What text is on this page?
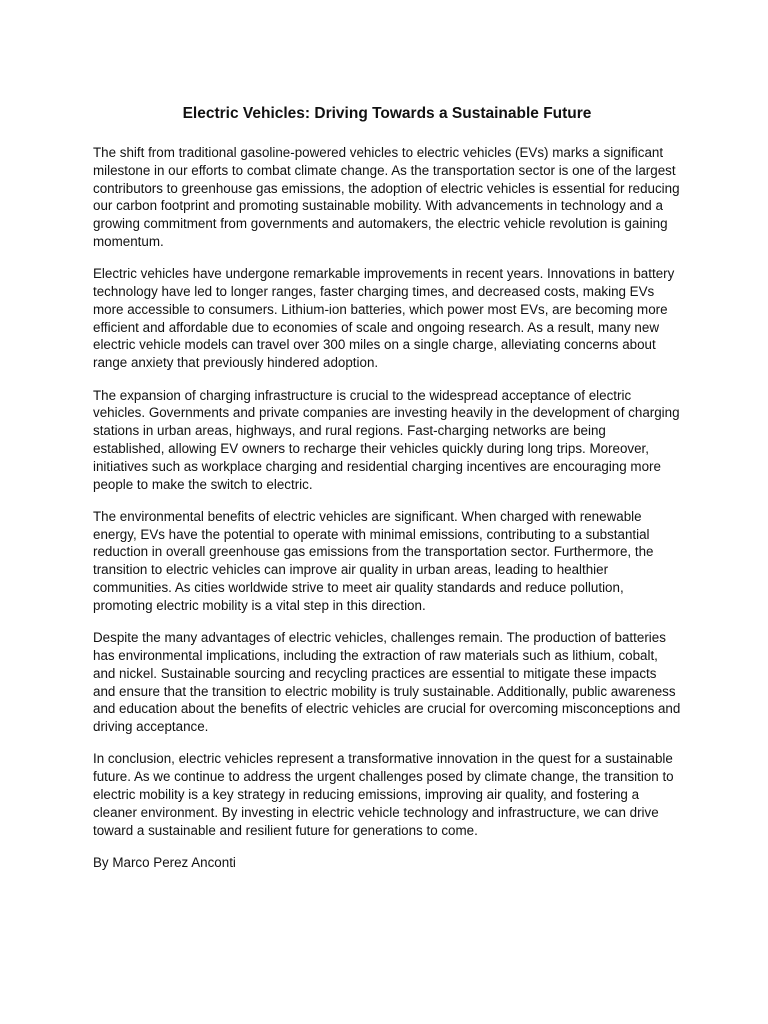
Electric Vehicles: Driving Towards a Sustainable Future

The shift from traditional gasoline-powered vehicles to electric vehicles (EVs) marks a significant milestone in our efforts to combat climate change. As the transportation sector is one of the largest contributors to greenhouse gas emissions, the adoption of electric vehicles is essential for reducing our carbon footprint and promoting sustainable mobility. With advancements in technology and a growing commitment from governments and automakers, the electric vehicle revolution is gaining momentum.

Electric vehicles have undergone remarkable improvements in recent years. Innovations in battery technology have led to longer ranges, faster charging times, and decreased costs, making EVs more accessible to consumers. Lithium-ion batteries, which power most EVs, are becoming more efficient and affordable due to economies of scale and ongoing research. As a result, many new electric vehicle models can travel over 300 miles on a single charge, alleviating concerns about range anxiety that previously hindered adoption.

The expansion of charging infrastructure is crucial to the widespread acceptance of electric vehicles. Governments and private companies are investing heavily in the development of charging stations in urban areas, highways, and rural regions. Fast-charging networks are being established, allowing EV owners to recharge their vehicles quickly during long trips. Moreover, initiatives such as workplace charging and residential charging incentives are encouraging more people to make the switch to electric.

The environmental benefits of electric vehicles are significant. When charged with renewable energy, EVs have the potential to operate with minimal emissions, contributing to a substantial reduction in overall greenhouse gas emissions from the transportation sector. Furthermore, the transition to electric vehicles can improve air quality in urban areas, leading to healthier communities. As cities worldwide strive to meet air quality standards and reduce pollution, promoting electric mobility is a vital step in this direction.

Despite the many advantages of electric vehicles, challenges remain. The production of batteries has environmental implications, including the extraction of raw materials such as lithium, cobalt, and nickel. Sustainable sourcing and recycling practices are essential to mitigate these impacts and ensure that the transition to electric mobility is truly sustainable. Additionally, public awareness and education about the benefits of electric vehicles are crucial for overcoming misconceptions and driving acceptance.

In conclusion, electric vehicles represent a transformative innovation in the quest for a sustainable future. As we continue to address the urgent challenges posed by climate change, the transition to electric mobility is a key strategy in reducing emissions, improving air quality, and fostering a cleaner environment. By investing in electric vehicle technology and infrastructure, we can drive toward a sustainable and resilient future for generations to come.

By Marco Perez Anconti
